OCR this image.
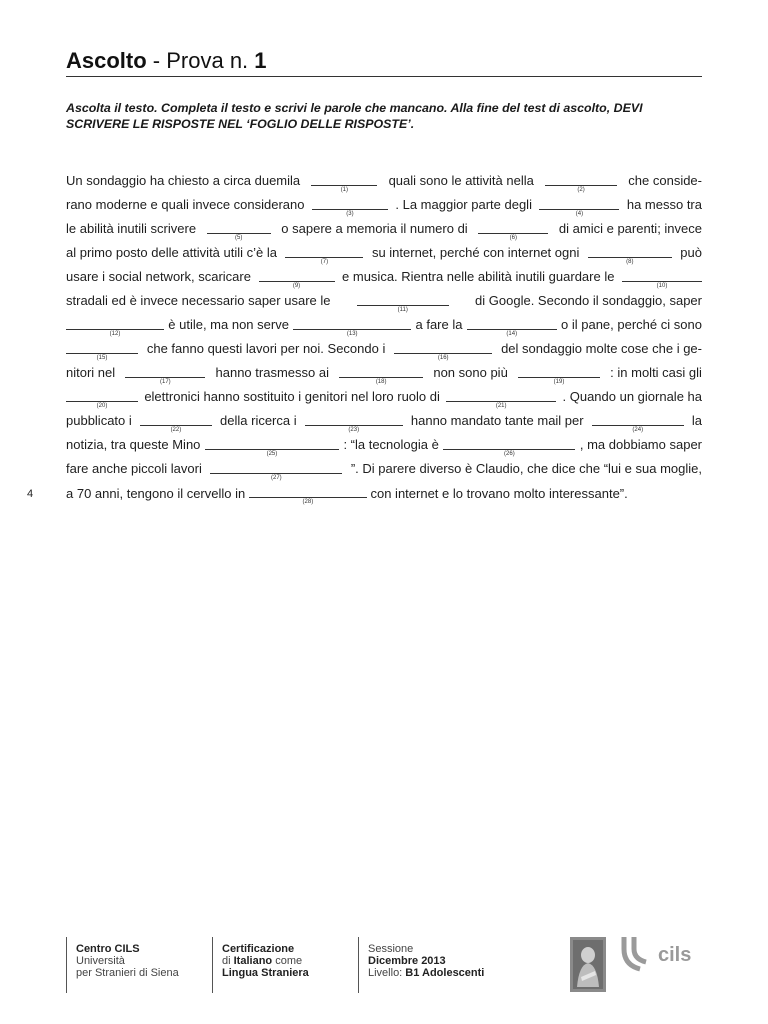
Ascolto - Prova n. 1
Ascolta il testo. Completa il testo e scrivi le parole che mancano. Alla fine del test di ascolto, DEVI SCRIVERE LE RISPOSTE NEL ‘FOGLIO DELLE RISPOSTE’.
Un sondaggio ha chiesto a circa duemila
(1)
quali sono le attività nella
(2)
che conside-
rano moderne e quali invece considerano
(3)
. La maggior parte degli
(4)
ha messo tra
le abilità inutili scrivere
(5)
o sapere a memoria il numero di
(6)
di amici e parenti; invece
al primo posto delle attività utili c’è la
(7)
su internet, perché con internet ogni
(8)
può
usare i social network, scaricare
(9)
e musica. Rientra nelle abilità inutili guardare le
(10)
stradali ed è invece necessario saper usare le
(11)
di Google. Secondo il sondaggio, saper
(12)
è utile, ma non serve
(13)
a fare la
(14)
o il pane, perché ci sono
(15)
che fanno questi lavori per noi. Secondo i
(16)
del sondaggio molte cose che i ge-
nitori nel
(17)
hanno trasmesso ai
(18)
non sono più
(19)
: in molti casi gli
(20)
elettronici hanno sostituito i genitori nel loro ruolo di
(21)
. Quando un giornale ha
pubblicato i
(22)
della ricerca i
(23)
hanno mandato tante mail per
(24)
la
notizia, tra queste Mino
(25)
: “la tecnologia è
(26)
, ma dobbiamo saper
fare anche piccoli lavori
(27)
”. Di parere diverso è Claudio, che dice che “lui e sua moglie,
a 70 anni, tengono il cervello in
(28)
con internet e lo trovano molto interessante”.
4
Centro CILS
Università
per Stranieri di Siena
Certificazione
di Italiano come
Lingua Straniera
Sessione
Dicembre 2013
Livello: B1 Adolescenti
cils
